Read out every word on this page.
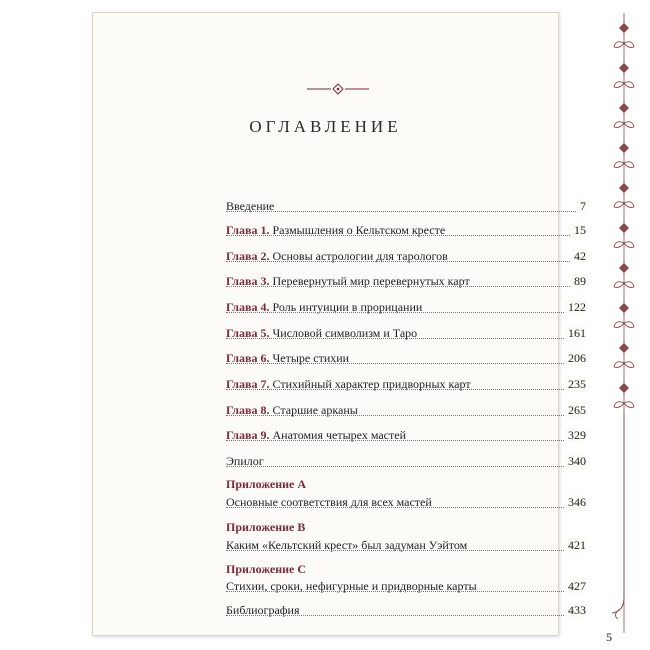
ОГЛАВЛЕНИЕ
5
Введение	7
Глава 1. Размышления о Кельтском кресте	15
Глава 2. Основы астрологии для тарологов	42
Глава 3. Перевернутый мир перевернутых карт	89
Глава 4. Роль интуиции в прорицании	122
Глава 5. Числовой символизм и Таро	161
Глава 6. Четыре стихии	206
Глава 7. Стихийный характер придворных карт	235
Глава 8. Старшие арканы	265
Глава 9. Анатомия четырех мастей	329
Эпилог	340
Приложение А
Основные соответствия для всех мастей	346
Приложение В
Каким «Кельтский крест» был задуман Уэйтом	421
Приложение С
Стихии, сроки, нефигурные и придворные карты	427
Библиография	433
